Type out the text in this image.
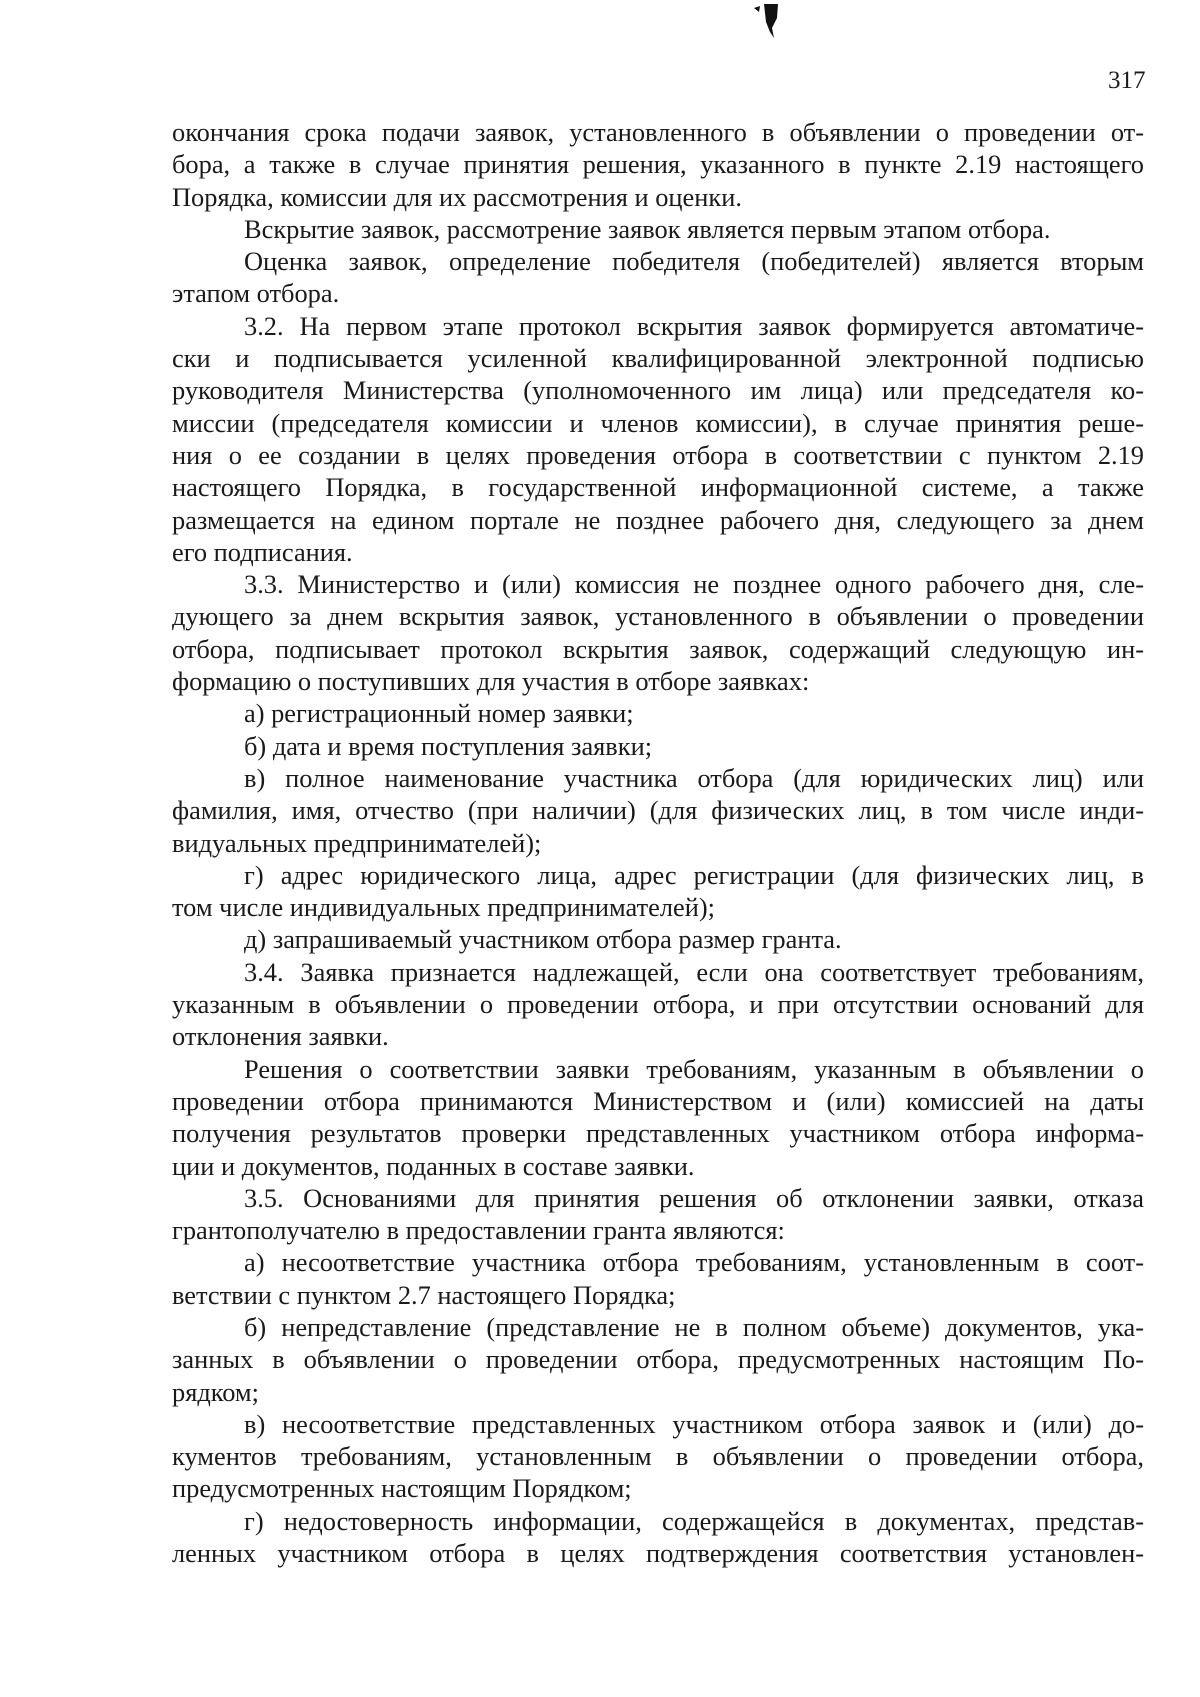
317
окончания срока подачи заявок, установленного в объявлении о проведении от-
бора, а также в случае принятия решения, указанного в пункте 2.19 настоящего
Порядка, комиссии для их рассмотрения и оценки.
Вскрытие заявок, рассмотрение заявок является первым этапом отбора.
Оценка заявок, определение победителя (победителей) является вторым
этапом отбора.
3.2. На первом этапе протокол вскрытия заявок формируется автоматиче-
ски и подписывается усиленной квалифицированной электронной подписью
руководителя Министерства (уполномоченного им лица) или председателя ко-
миссии (председателя комиссии и членов комиссии), в случае принятия реше-
ния о ее создании в целях проведения отбора в соответствии с пунктом 2.19
настоящего Порядка, в государственной информационной системе, а также
размещается на едином портале не позднее рабочего дня, следующего за днем
его подписания.
3.3. Министерство и (или) комиссия не позднее одного рабочего дня, сле-
дующего за днем вскрытия заявок, установленного в объявлении о проведении
отбора, подписывает протокол вскрытия заявок, содержащий следующую ин-
формацию о поступивших для участия в отборе заявках:
а) регистрационный номер заявки;
б) дата и время поступления заявки;
в) полное наименование участника отбора (для юридических лиц) или
фамилия, имя, отчество (при наличии) (для физических лиц, в том числе инди-
видуальных предпринимателей);
г) адрес юридического лица, адрес регистрации (для физических лиц, в
том числе индивидуальных предпринимателей);
д) запрашиваемый участником отбора размер гранта.
3.4. Заявка признается надлежащей, если она соответствует требованиям,
указанным в объявлении о проведении отбора, и при отсутствии оснований для
отклонения заявки.
Решения о соответствии заявки требованиям, указанным в объявлении о
проведении отбора принимаются Министерством и (или) комиссией на даты
получения результатов проверки представленных участником отбора информа-
ции и документов, поданных в составе заявки.
3.5. Основаниями для принятия решения об отклонении заявки, отказа
грантополучателю в предоставлении гранта являются:
а) несоответствие участника отбора требованиям, установленным в соот-
ветствии с пунктом 2.7 настоящего Порядка;
б) непредставление (представление не в полном объеме) документов, ука-
занных в объявлении о проведении отбора, предусмотренных настоящим По-
рядком;
в) несоответствие представленных участником отбора заявок и (или) до-
кументов требованиям, установленным в объявлении о проведении отбора,
предусмотренных настоящим Порядком;
г) недостоверность информации, содержащейся в документах, представ-
ленных участником отбора в целях подтверждения соответствия установлен-
